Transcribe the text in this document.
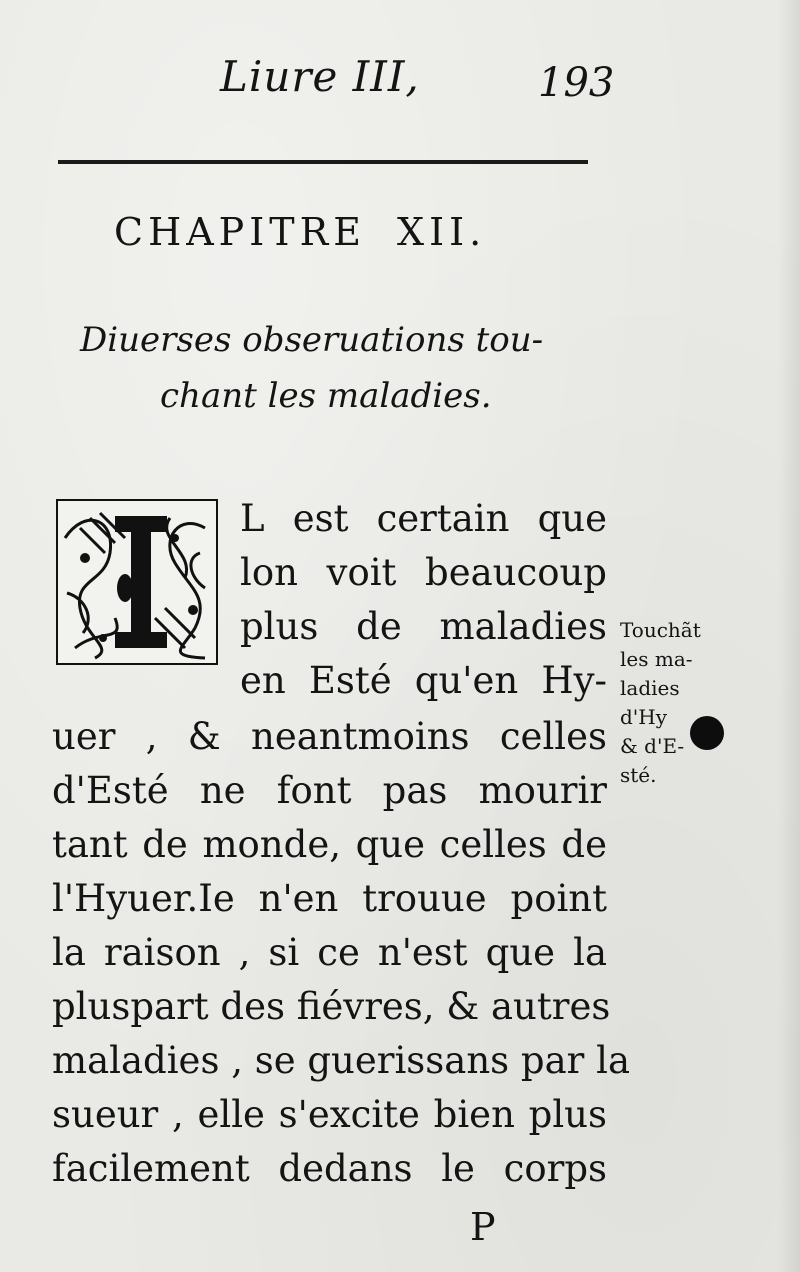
Liure III,	193
CHAPITRE XII.
Diuerses obseruations tou-
chant les maladies.
L est certain que
lon voit beaucoup
plus de maladies
en Esté qu'en Hy-
uer , & neantmoins celles
d'Esté ne font pas mourir
tant de monde, que celles de
l'Hyuer.Ie n'en trouue point
la raison , si ce n'est que la
pluspart des fiévres, & autres
maladies , se guerissans par la
sueur , elle s'excite bien plus
facilement dedans le corps
Touchãt
les ma-
ladies
d'Hy
& d'E-
sté.
P
